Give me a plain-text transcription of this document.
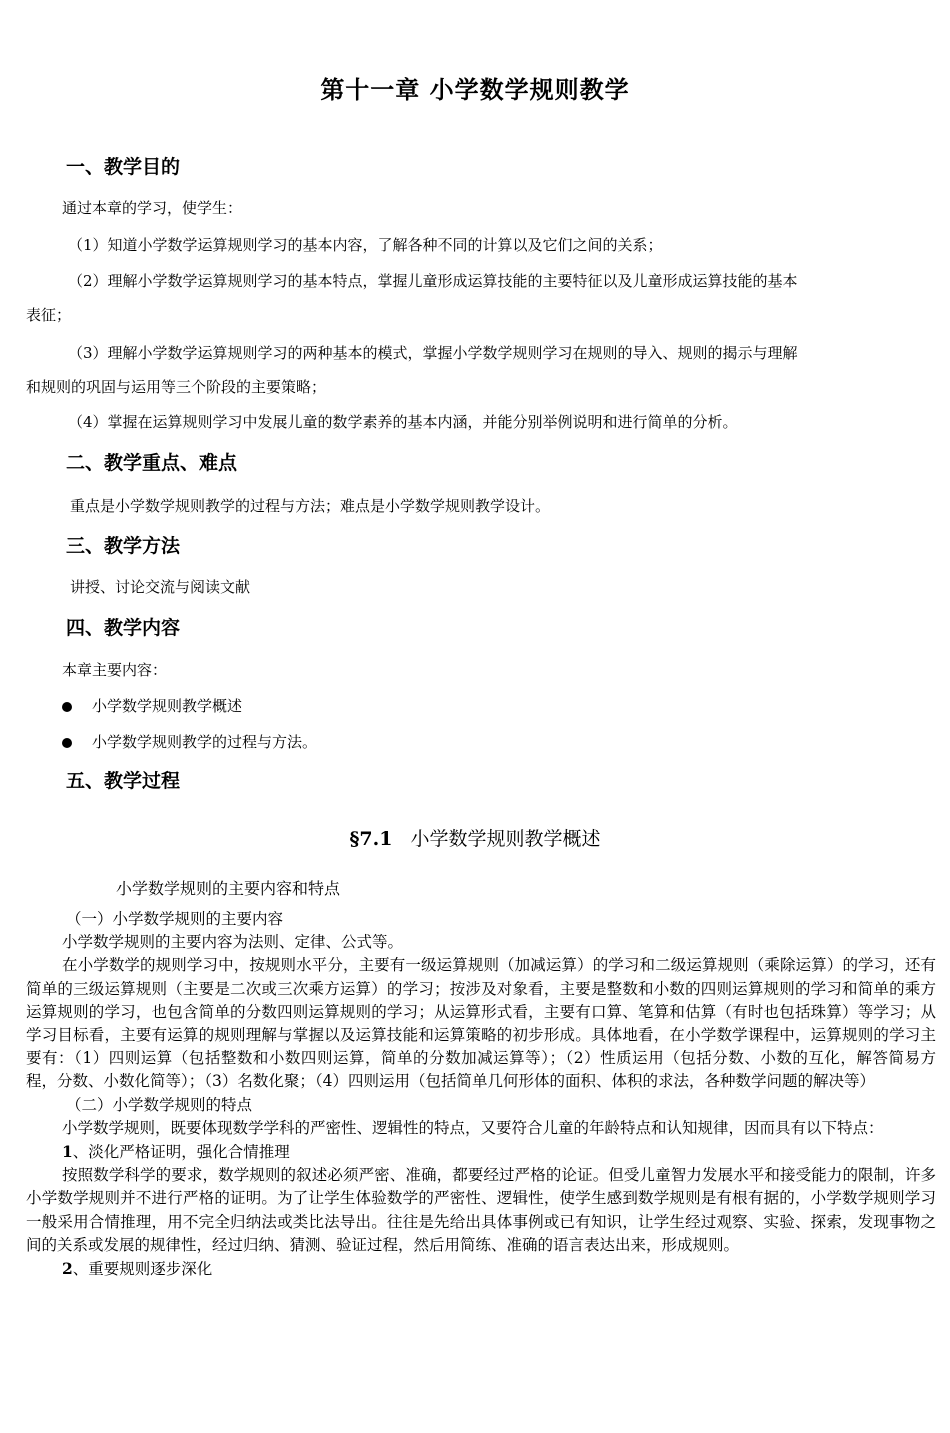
第十一章 小学数学规则教学
一、教学目的
通过本章的学习，使学生：
（1）知道小学数学运算规则学习的基本内容，了解各种不同的计算以及它们之间的关系；
（2）理解小学数学运算规则学习的基本特点，掌握儿童形成运算技能的主要特征以及儿童形成运算技能的基本
表征；
（3）理解小学数学运算规则学习的两种基本的模式，掌握小学数学规则学习在规则的导入、规则的揭示与理解
和规则的巩固与运用等三个阶段的主要策略；
（4）掌握在运算规则学习中发展儿童的数学素养的基本内涵，并能分别举例说明和进行简单的分析。
二、教学重点、难点
重点是小学数学规则教学的过程与方法；难点是小学数学规则教学设计。
三、教学方法
讲授、讨论交流与阅读文献
四、教学内容
本章主要内容：
小学数学规则教学概述
小学数学规则教学的过程与方法。
五、教学过程
§7.1 小学数学规则教学概述
小学数学规则的主要内容和特点

（一）小学数学规则的主要内容

小学数学规则的主要内容为法则、定律、公式等。

在小学数学的规则学习中，按规则水平分，主要有一级运算规则（加减运算）的学习和二级运算规则（乘除运算）的学习，还有简单的三级运算规则（主要是二次或三次乘方运算）的学习；按涉及对象看，主要是整数和小数的四则运算规则的学习和简单的乘方运算规则的学习，也包含简单的分数四则运算规则的学习；从运算形式看，主要有口算、笔算和估算（有时也包括珠算）等学习；从学习目标看，主要有运算的规则理解与掌握以及运算技能和运算策略的初步形成。具体地看，在小学数学课程中，运算规则的学习主要有：（1）四则运算（包括整数和小数四则运算，简单的分数加减运算等）；（2）性质运用（包括分数、小数的互化，解答简易方程，分数、小数化简等）；（3）名数化聚；（4）四则运用（包括简单几何形体的面积、体积的求法，各种数学问题的解决等）

（二）小学数学规则的特点

小学数学规则，既要体现数学学科的严密性、逻辑性的特点，又要符合儿童的年龄特点和认知规律，因而具有以下特点：

1、淡化严格证明，强化合情推理

按照数学科学的要求，数学规则的叙述必须严密、准确，都要经过严格的论证。但受儿童智力发展水平和接受能力的限制，许多小学数学规则并不进行严格的证明。为了让学生体验数学的严密性、逻辑性，使学生感到数学规则是有根有据的，小学数学规则学习一般采用合情推理，用不完全归纳法或类比法导出。往往是先给出具体事例或已有知识，让学生经过观察、实验、探索，发现事物之间的关系或发展的规律性，经过归纳、猜测、验证过程，然后用简练、准确的语言表达出来，形成规则。

2、重要规则逐步深化
